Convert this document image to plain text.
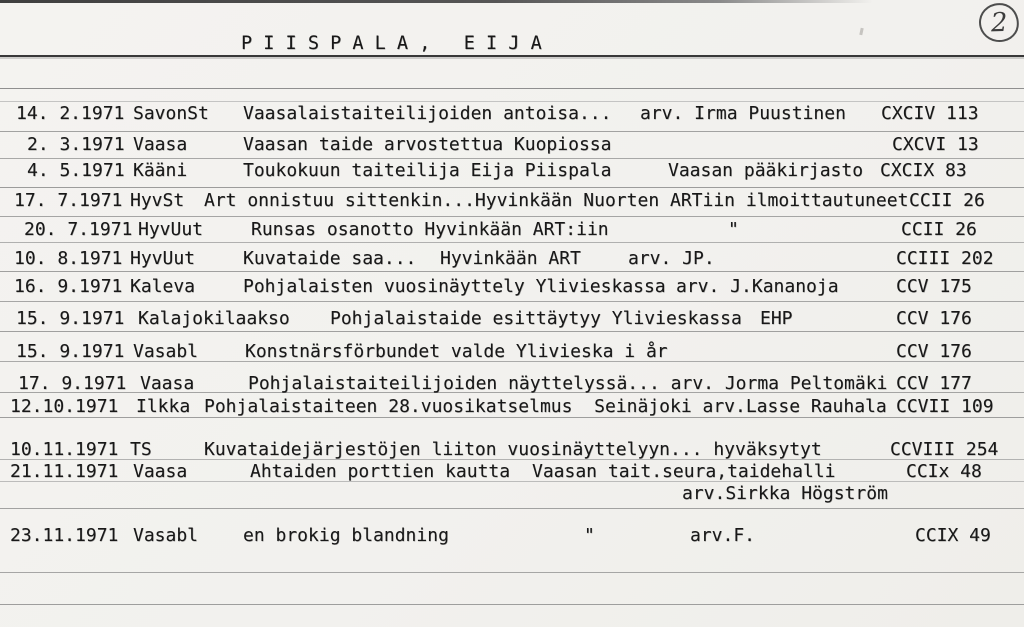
P I I S P A L A ,   E I J A
2
14. 2.1971 SavonSt Vaasalaistaiteilijoiden antoisa... arv. Irma Puustinen CXCIV 113
2. 3.1971 Vaasa	Vaasan taide arvostettua Kuopiossa	CXCVI 13
4. 5.1971 Kääni	Toukokuun taiteilija Eija Piispala	Vaasan pääkirjasto CXCIX 83
17. 7.1971 HyvSt Art onnistuu sittenkin...Hyvinkään Nuorten ARTiin ilmoittautuneet CCII 26
20. 7.1971 HyvUut	Runsas osanotto Hyvinkään ART:iin	"	CCII 26
10. 8.1971 HyvUut	Kuvataide saa... Hyvinkään ART	arv. JP.	CCIII 202
16. 9.1971 Kaleva	Pohjalaisten vuosinäyttely Ylivieskassa arv. J.Kananoja	CCV 175
15. 9.1971 Kalajokilaakso Pohjalaistaide esittäytyy Ylivieskassa EHP	CCV 176
15. 9.1971 Vasabl	Konstnärsförbundet valde Ylivieska i år	CCV 176
17. 9.1971 Vaasa	Pohjalaistaiteilijoiden näyttelyssä... arv. Jorma Peltomäki CCV 177
12.10.1971 Ilkka Pohjalaistaiteen 28.vuosikatselmus  Seinäjoki arv.Lasse Rauhala CCVII 109
10.11.1971 TS	Kuvataidejärjestöjen liiton vuosinäyttelyyn... hyväksytyt	CCVIII 254
21.11.1971 Vaasa	Ahtaiden porttien kautta Vaasan tait.seura,taidehalli	CCIx 48
arv.Sirkka Högström
23.11.1971 Vasabl en brokig blandning	"	arv.F.	CCIX 49
